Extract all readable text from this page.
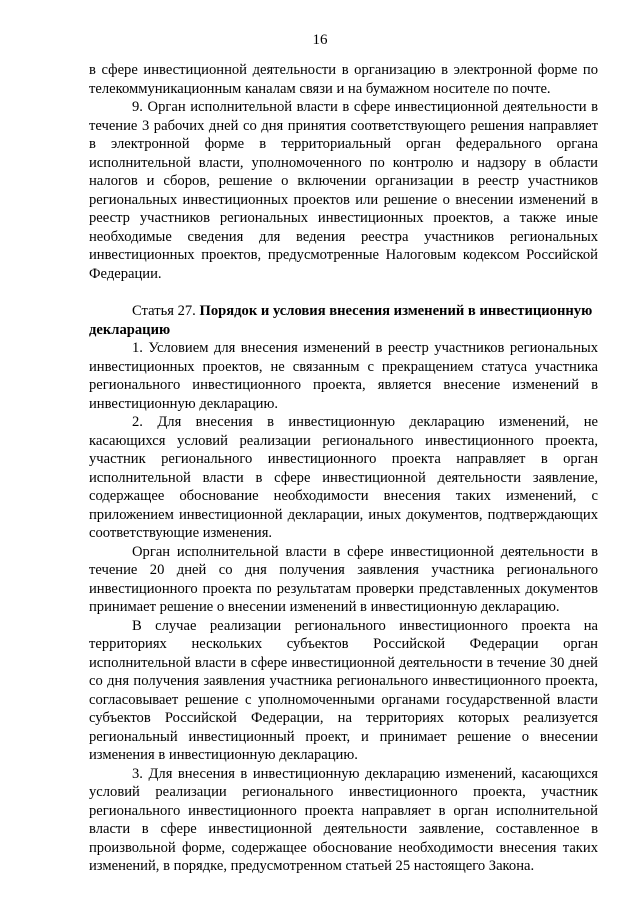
16

в сфере инвестиционной деятельности в организацию в электронной форме по телекоммуникационным каналам связи и на бумажном носителе по почте.

9. Орган исполнительной власти в сфере инвестиционной деятельности в течение 3 рабочих дней со дня принятия соответствующего решения направляет в электронной форме в территориальный орган федерального органа исполнительной власти, уполномоченного по контролю и надзору в области налогов и сборов, решение о включении организации в реестр участников региональных инвестиционных проектов или решение о внесении изменений в реестр участников региональных инвестиционных проектов, а также иные необходимые сведения для ведения реестра участников региональных инвестиционных проектов, предусмотренные Налоговым кодексом Российской Федерации.

Статья 27. Порядок и условия внесения изменений в инвестиционную декларацию

1. Условием для внесения изменений в реестр участников региональных инвестиционных проектов, не связанным с прекращением статуса участника регионального инвестиционного проекта, является внесение изменений в инвестиционную декларацию.

2. Для внесения в инвестиционную декларацию изменений, не касающихся условий реализации регионального инвестиционного проекта, участник регионального инвестиционного проекта направляет в орган исполнительной власти в сфере инвестиционной деятельности заявление, содержащее обоснование необходимости внесения таких изменений, с приложением инвестиционной декларации, иных документов, подтверждающих соответствующие изменения.

Орган исполнительной власти в сфере инвестиционной деятельности в течение 20 дней со дня получения заявления участника регионального инвестиционного проекта по результатам проверки представленных документов принимает решение о внесении изменений в инвестиционную декларацию.

В случае реализации регионального инвестиционного проекта на территориях нескольких субъектов Российской Федерации орган исполнительной власти в сфере инвестиционной деятельности в течение 30 дней со дня получения заявления участника регионального инвестиционного проекта, согласовывает решение с уполномоченными органами государственной власти субъектов Российской Федерации, на территориях которых реализуется региональный инвестиционный проект, и принимает решение о внесении изменения в инвестиционную декларацию.

3. Для внесения в инвестиционную декларацию изменений, касающихся условий реализации регионального инвестиционного проекта, участник регионального инвестиционного проекта направляет в орган исполнительной власти в сфере инвестиционной деятельности заявление, составленное в произвольной форме, содержащее обоснование необходимости внесения таких изменений, в порядке, предусмотренном статьей 25 настоящего Закона.
